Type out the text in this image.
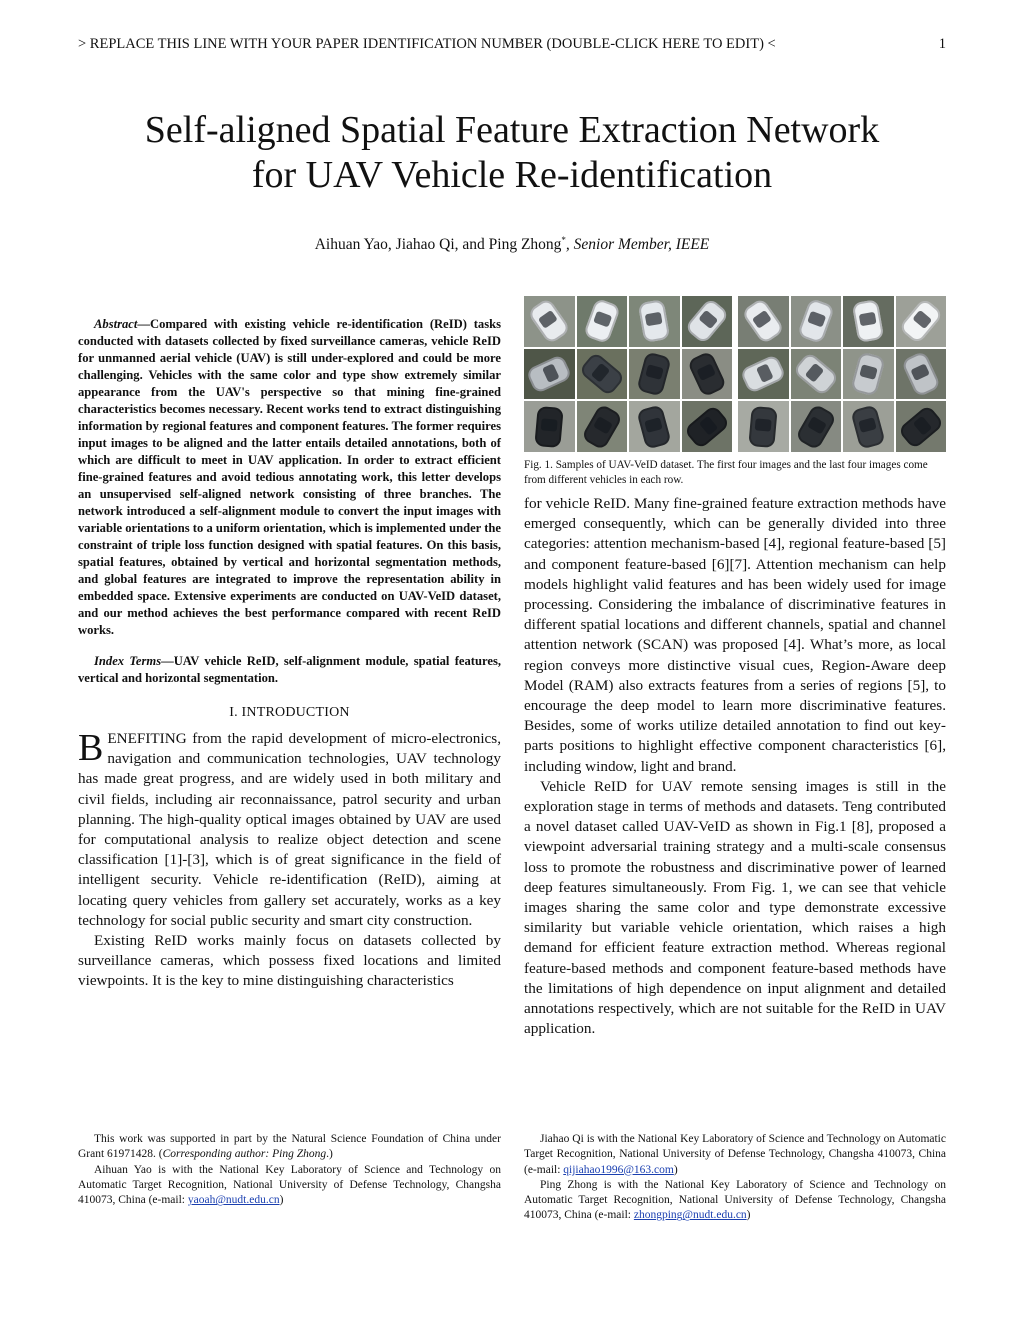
> REPLACE THIS LINE WITH YOUR PAPER IDENTIFICATION NUMBER (DOUBLE-CLICK HERE TO EDIT) <	1
Self-aligned Spatial Feature Extraction Network
for UAV Vehicle Re-identification
Aihuan Yao, Jiahao Qi, and Ping Zhong*, Senior Member, IEEE

Abstract—Compared with existing vehicle re-identification (ReID) tasks conducted with datasets collected by fixed surveillance cameras, vehicle ReID for unmanned aerial vehicle (UAV) is still under-explored and could be more challenging. Vehicles with the same color and type show extremely similar appearance from the UAV's perspective so that mining fine-grained characteristics becomes necessary. Recent works tend to extract distinguishing information by regional features and component features. The former requires input images to be aligned and the latter entails detailed annotations, both of which are difficult to meet in UAV application. In order to extract efficient fine-grained features and avoid tedious annotating work, this letter develops an unsupervised self-aligned network consisting of three branches. The network introduced a self-alignment module to convert the input images with variable orientations to a uniform orientation, which is implemented under the constraint of triple loss function designed with spatial features. On this basis, spatial features, obtained by vertical and horizontal segmentation methods, and global features are integrated to improve the representation ability in embedded space. Extensive experiments are conducted on UAV-VeID dataset, and our method achieves the best performance compared with recent ReID works.

Index Terms—UAV vehicle ReID, self-alignment module, spatial features, vertical and horizontal segmentation.

I. INTRODUCTION

BENEFITING from the rapid development of micro-electronics, navigation and communication technologies, UAV technology has made great progress, and are widely used in both military and civil fields, including air reconnaissance, patrol security and urban planning. The high-quality optical images obtained by UAV are used for computational analysis to realize object detection and scene classification [1]-[3], which is of great significance in the field of intelligent security. Vehicle re-identification (ReID), aiming at locating query vehicles from gallery set accurately, works as a key technology for social public security and smart city construction.

Existing ReID works mainly focus on datasets collected by surveillance cameras, which possess fixed locations and limited viewpoints. It is the key to mine distinguishing characteristics

Fig. 1. Samples of UAV-VeID dataset. The first four images and the last four images come from different vehicles in each row.

for vehicle ReID. Many fine-grained feature extraction methods have emerged consequently, which can be generally divided into three categories: attention mechanism-based [4], regional feature-based [5] and component feature-based [6][7]. Attention mechanism can help models highlight valid features and has been widely used for image processing. Considering the imbalance of discriminative features in different spatial locations and different channels, spatial and channel attention network (SCAN) was proposed [4]. What’s more, as local region conveys more distinctive visual cues, Region-Aware deep Model (RAM) also extracts features from a series of regions [5], to encourage the deep model to learn more discriminative features. Besides, some of works utilize detailed annotation to find out key-parts positions to highlight effective component characteristics [6], including window, light and brand.

Vehicle ReID for UAV remote sensing images is still in the exploration stage in terms of methods and datasets. Teng contributed a novel dataset called UAV-VeID as shown in Fig.1 [8], proposed a viewpoint adversarial training strategy and a multi-scale consensus loss to promote the robustness and discriminative power of learned deep features simultaneously. From Fig. 1, we can see that vehicle images sharing the same color and type demonstrate excessive similarity but variable vehicle orientation, which raises a high demand for efficient feature extraction method. Whereas regional feature-based methods and component feature-based methods have the limitations of high dependence on input alignment and detailed annotations respectively, which are not suitable for the ReID in UAV application.

This work was supported in part by the Natural Science Foundation of China under Grant 61971428. (Corresponding author: Ping Zhong.)

Aihuan Yao is with the National Key Laboratory of Science and Technology on Automatic Target Recognition, National University of Defense Technology, Changsha 410073, China (e-mail: yaoah@nudt.edu.cn)

Jiahao Qi is with the National Key Laboratory of Science and Technology on Automatic Target Recognition, National University of Defense Technology, Changsha 410073, China (e-mail: qijiahao1996@163.com)

Ping Zhong is with the National Key Laboratory of Science and Technology on Automatic Target Recognition, National University of Defense Technology, Changsha 410073, China (e-mail: zhongping@nudt.edu.cn)
